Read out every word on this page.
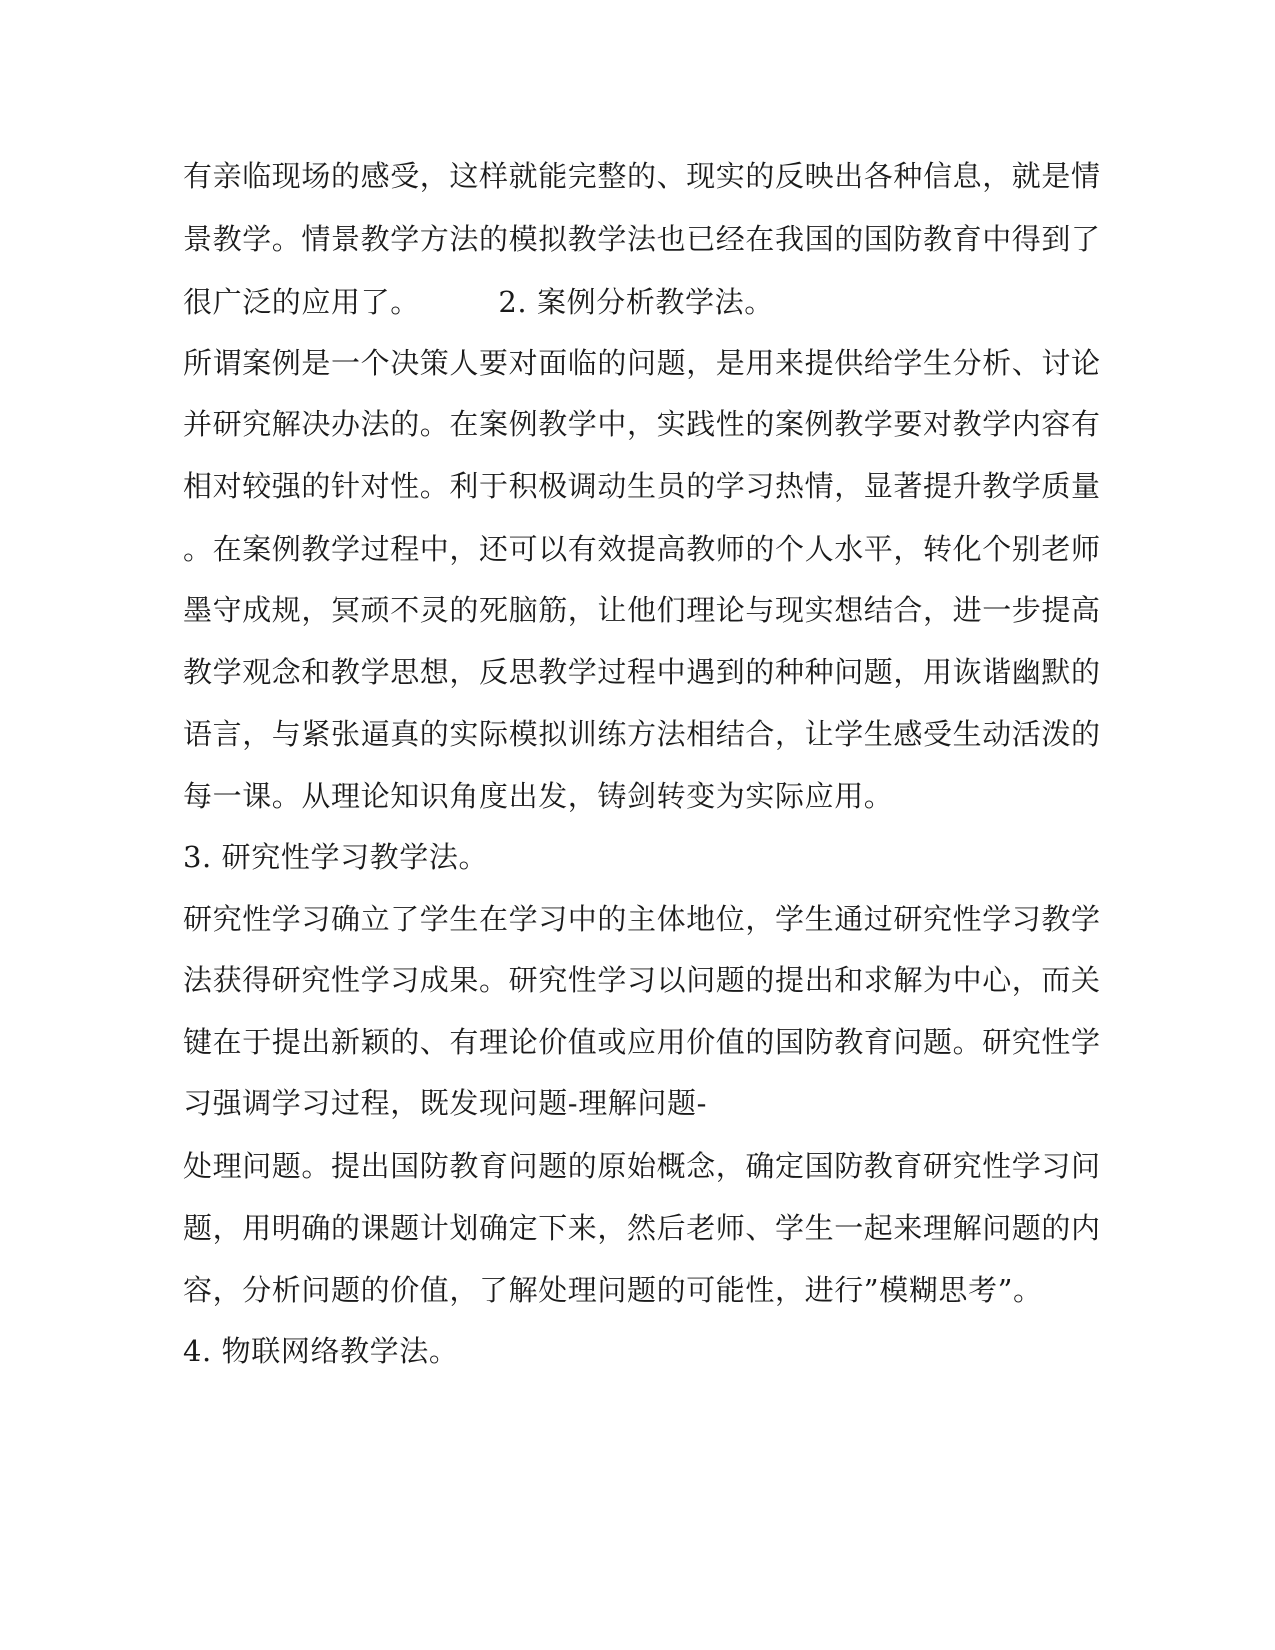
有亲临现场的感受，这样就能完整的、现实的反映出各种信息，就是情
景教学。情景教学方法的模拟教学法也已经在我国的国防教育中得到了
很广泛的应用了。        2. 案例分析教学法。
所谓案例是一个决策人要对面临的问题，是用来提供给学生分析、讨论
并研究解决办法的。在案例教学中，实践性的案例教学要对教学内容有
相对较强的针对性。利于积极调动生员的学习热情，显著提升教学质量
。在案例教学过程中，还可以有效提高教师的个人水平，转化个别老师
墨守成规，冥顽不灵的死脑筋，让他们理论与现实想结合，进一步提高
教学观念和教学思想，反思教学过程中遇到的种种问题，用诙谐幽默的
语言，与紧张逼真的实际模拟训练方法相结合，让学生感受生动活泼的
每一课。从理论知识角度出发，铸剑转变为实际应用。
3. 研究性学习教学法。
研究性学习确立了学生在学习中的主体地位，学生通过研究性学习教学
法获得研究性学习成果。研究性学习以问题的提出和求解为中心，而关
键在于提出新颖的、有理论价值或应用价值的国防教育问题。研究性学
习强调学习过程，既发现问题-理解问题-
处理问题。提出国防教育问题的原始概念，确定国防教育研究性学习问
题，用明确的课题计划确定下来，然后老师、学生一起来理解问题的内
容，分析问题的价值，了解处理问题的可能性，进行”模糊思考”。
4. 物联网络教学法。
